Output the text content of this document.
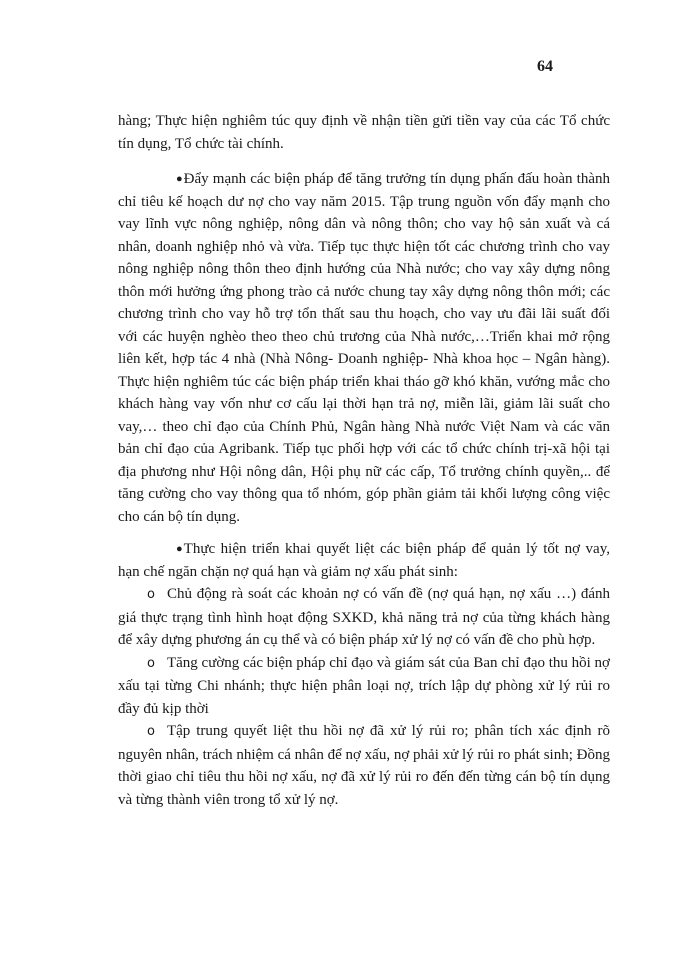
64

hàng; Thực hiện nghiêm túc quy định về nhận tiền gửi tiền vay của các Tổ chức tín dụng, Tổ chức tài chính.

●Đẩy mạnh các biện pháp để tăng trưởng tín dụng phấn đấu hoàn thành chỉ tiêu kế hoạch dư nợ cho vay năm 2015. Tập trung nguồn vốn đẩy mạnh cho vay lĩnh vực nông nghiệp, nông dân và nông thôn; cho vay hộ sản xuất và cá nhân, doanh nghiệp nhỏ và vừa. Tiếp tục thực hiện tốt các chương trình cho vay nông nghiệp nông thôn theo định hướng của Nhà nước; cho vay xây dựng nông thôn mới hưởng ứng phong trào cả nước chung tay xây dựng nông thôn mới; các chương trình cho vay hỗ trợ tổn thất sau thu hoạch, cho vay ưu đãi lãi suất đối với các huyện nghèo theo theo chủ trương của Nhà nước,…Triển khai mở rộng liên kết, hợp tác 4 nhà (Nhà Nông- Doanh nghiệp- Nhà khoa học – Ngân hàng). Thực hiện nghiêm túc các biện pháp triển khai tháo gỡ khó khăn, vướng mắc cho khách hàng vay vốn như cơ cấu lại thời hạn trả nợ, miễn lãi, giảm lãi suất cho vay,… theo chỉ đạo của Chính Phủ, Ngân hàng Nhà nước Việt Nam và các văn bản chỉ đạo của Agribank. Tiếp tục phối hợp với các tổ chức chính trị-xã hội tại địa phương như Hội nông dân, Hội phụ nữ các cấp, Tổ trưởng chính quyền,.. để tăng cường cho vay thông qua tổ nhóm, góp phần giảm tải khối lượng công việc cho cán bộ tín dụng.

●Thực hiện triển khai quyết liệt các biện pháp để quản lý tốt nợ vay, hạn chế ngăn chặn nợ quá hạn và giảm nợ xấu phát sinh:

o Chủ động rà soát các khoản nợ có vấn đề (nợ quá hạn, nợ xấu …) đánh giá thực trạng tình hình hoạt động SXKD, khả năng trả nợ của từng khách hàng để xây dựng phương án cụ thể và có biện pháp xử lý nợ có vấn đề cho phù hợp.

o Tăng cường các biện pháp chỉ đạo và giám sát của Ban chỉ đạo thu hồi nợ xấu tại từng Chi nhánh; thực hiện phân loại nợ, trích lập dự phòng xử lý rủi ro đầy đủ kịp thời

o Tập trung quyết liệt thu hồi nợ đã xử lý rủi ro; phân tích xác định rõ nguyên nhân, trách nhiệm cá nhân để nợ xấu, nợ phải xử lý rủi ro phát sinh; Đồng thời giao chỉ tiêu thu hồi nợ xấu, nợ đã xử lý rủi ro đến đến từng cán bộ tín dụng và từng thành viên trong tổ xử lý nợ.
